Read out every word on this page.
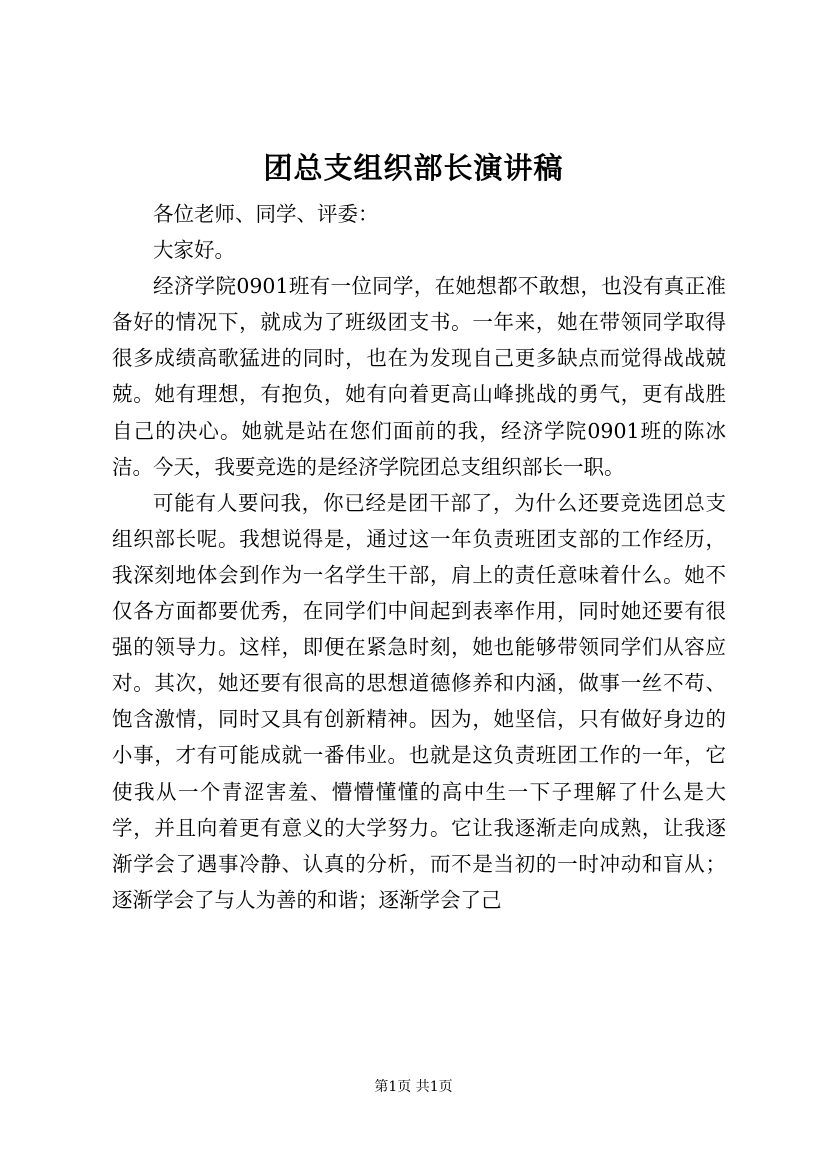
团总支组织部长演讲稿

各位老师、同学、评委：

大家好。

经济学院0901班有一位同学，在她想都不敢想，也没有真正准备好的情况下，就成为了班级团支书。一年来，她在带领同学取得很多成绩高歌猛进的同时，也在为发现自己更多缺点而觉得战战兢兢。她有理想，有抱负，她有向着更高山峰挑战的勇气，更有战胜自己的决心。她就是站在您们面前的我，经济学院0901班的陈冰洁。今天，我要竞选的是经济学院团总支组织部长一职。

可能有人要问我，你已经是团干部了，为什么还要竞选团总支组织部长呢。我想说得是，通过这一年负责班团支部的工作经历，我深刻地体会到作为一名学生干部，肩上的责任意味着什么。她不仅各方面都要优秀，在同学们中间起到表率作用，同时她还要有很强的领导力。这样，即便在紧急时刻，她也能够带领同学们从容应对。其次，她还要有很高的思想道德修养和内涵，做事一丝不苟、饱含激情，同时又具有创新精神。因为，她坚信，只有做好身边的小事，才有可能成就一番伟业。也就是这负责班团工作的一年，它使我从一个青涩害羞、懵懵懂懂的高中生一下子理解了什么是大学，并且向着更有意义的大学努力。它让我逐渐走向成熟，让我逐渐学会了遇事冷静、认真的分析，而不是当初的一时冲动和盲从；逐渐学会了与人为善的和谐；逐渐学会了己

第1页 共1页
